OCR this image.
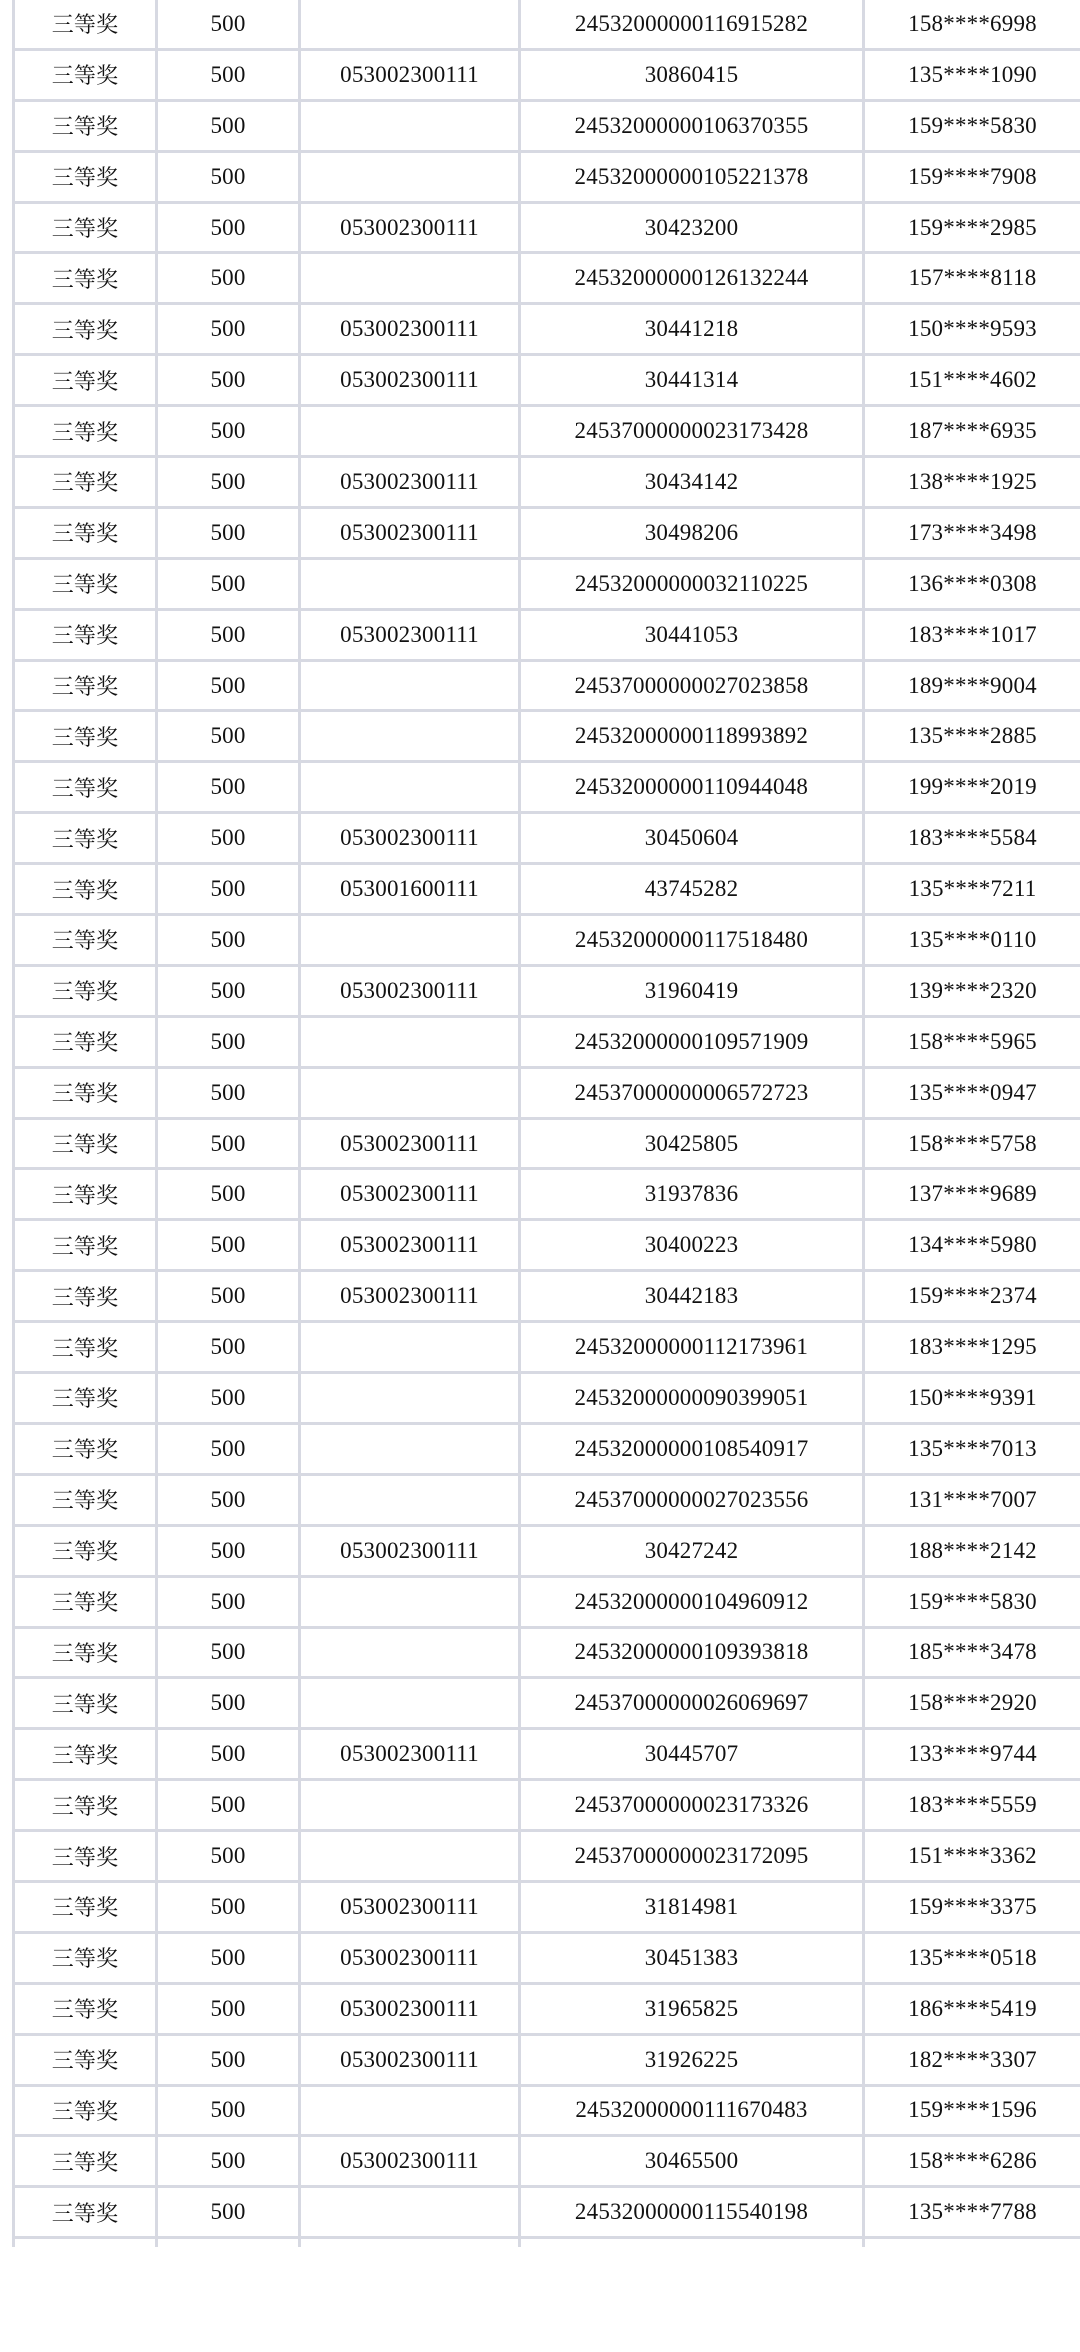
三等奖	500		24532000000116915282	158****6998
三等奖	500	053002300111	30860415	135****1090
三等奖	500		24532000000106370355	159****5830
三等奖	500		24532000000105221378	159****7908
三等奖	500	053002300111	30423200	159****2985
三等奖	500		24532000000126132244	157****8118
三等奖	500	053002300111	30441218	150****9593
三等奖	500	053002300111	30441314	151****4602
三等奖	500		24537000000023173428	187****6935
三等奖	500	053002300111	30434142	138****1925
三等奖	500	053002300111	30498206	173****3498
三等奖	500		24532000000032110225	136****0308
三等奖	500	053002300111	30441053	183****1017
三等奖	500		24537000000027023858	189****9004
三等奖	500		24532000000118993892	135****2885
三等奖	500		24532000000110944048	199****2019
三等奖	500	053002300111	30450604	183****5584
三等奖	500	053001600111	43745282	135****7211
三等奖	500		24532000000117518480	135****0110
三等奖	500	053002300111	31960419	139****2320
三等奖	500		24532000000109571909	158****5965
三等奖	500		24537000000006572723	135****0947
三等奖	500	053002300111	30425805	158****5758
三等奖	500	053002300111	31937836	137****9689
三等奖	500	053002300111	30400223	134****5980
三等奖	500	053002300111	30442183	159****2374
三等奖	500		24532000000112173961	183****1295
三等奖	500		24532000000090399051	150****9391
三等奖	500		24532000000108540917	135****7013
三等奖	500		24537000000027023556	131****7007
三等奖	500	053002300111	30427242	188****2142
三等奖	500		24532000000104960912	159****5830
三等奖	500		24532000000109393818	185****3478
三等奖	500		24537000000026069697	158****2920
三等奖	500	053002300111	30445707	133****9744
三等奖	500		24537000000023173326	183****5559
三等奖	500		24537000000023172095	151****3362
三等奖	500	053002300111	31814981	159****3375
三等奖	500	053002300111	30451383	135****0518
三等奖	500	053002300111	31965825	186****5419
三等奖	500	053002300111	31926225	182****3307
三等奖	500		24532000000111670483	159****1596
三等奖	500	053002300111	30465500	158****6286
三等奖	500		24532000000115540198	135****7788
